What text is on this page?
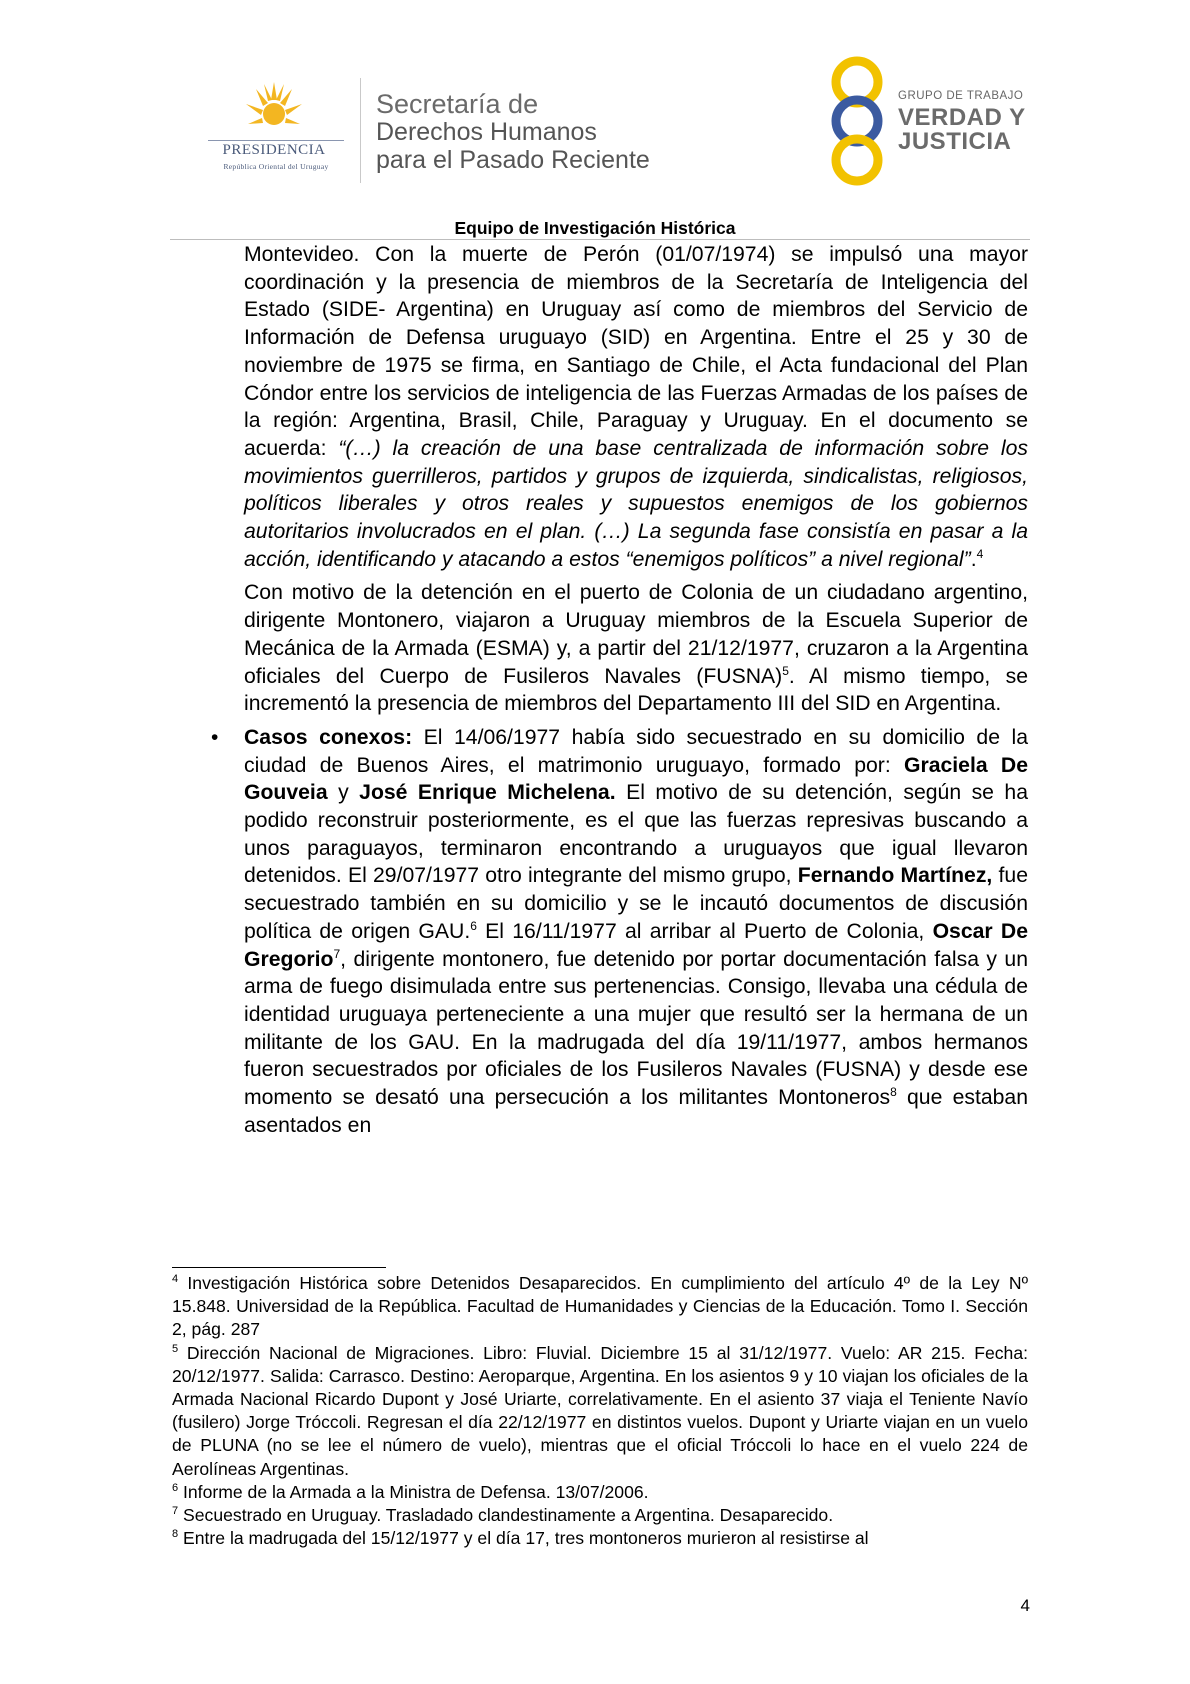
PRESIDENCIA
República Oriental del Uruguay
Secretaría de
Derechos Humanos
para el Pasado Reciente
GRUPO DE TRABAJO
VERDAD Y
JUSTICIA
Equipo de Investigación Histórica

Montevideo. Con la muerte de Perón (01/07/1974) se impulsó una mayor coordinación y la presencia de miembros de la Secretaría de Inteligencia del Estado (SIDE- Argentina) en Uruguay así como de miembros del Servicio de Información de Defensa uruguayo (SID) en Argentina. Entre el 25 y 30 de noviembre de 1975 se firma, en Santiago de Chile, el Acta fundacional del Plan Cóndor entre los servicios de inteligencia de las Fuerzas Armadas de los países de la región: Argentina, Brasil, Chile, Paraguay y Uruguay. En el documento se acuerda: “(…) la creación de una base centralizada de información sobre los movimientos guerrilleros, partidos y grupos de izquierda, sindicalistas, religiosos, políticos liberales y otros reales y supuestos enemigos de los gobiernos autoritarios involucrados en el plan. (…) La segunda fase consistía en pasar a la acción, identificando y atacando a estos “enemigos políticos” a nivel regional”.$^4$

Con motivo de la detención en el puerto de Colonia de un ciudadano argentino, dirigente Montonero, viajaron a Uruguay miembros de la Escuela Superior de Mecánica de la Armada (ESMA) y, a partir del 21/12/1977, cruzaron a la Argentina oficiales del Cuerpo de Fusileros Navales (FUSNA)$^5$. Al mismo tiempo, se incrementó la presencia de miembros del Departamento III del SID en Argentina.

• Casos conexos: El 14/06/1977 había sido secuestrado en su domicilio de la ciudad de Buenos Aires, el matrimonio uruguayo, formado por: Graciela De Gouveia y José Enrique Michelena. El motivo de su detención, según se ha podido reconstruir posteriormente, es el que las fuerzas represivas buscando a unos paraguayos, terminaron encontrando a uruguayos que igual llevaron detenidos. El 29/07/1977 otro integrante del mismo grupo, Fernando Martínez, fue secuestrado también en su domicilio y se le incautó documentos de discusión política de origen GAU.$^6$ El 16/11/1977 al arribar al Puerto de Colonia, Oscar De Gregorio$^7$, dirigente montonero, fue detenido por portar documentación falsa y un arma de fuego disimulada entre sus pertenencias. Consigo, llevaba una cédula de identidad uruguaya perteneciente a una mujer que resultó ser la hermana de un militante de los GAU. En la madrugada del día 19/11/1977, ambos hermanos fueron secuestrados por oficiales de los Fusileros Navales (FUSNA) y desde ese momento se desató una persecución a los militantes Montoneros$^8$ que estaban asentados en

$^4$ Investigación Histórica sobre Detenidos Desaparecidos. En cumplimiento del artículo 4º de la Ley Nº 15.848. Universidad de la República. Facultad de Humanidades y Ciencias de la Educación. Tomo I. Sección 2, pág. 287

$^5$ Dirección Nacional de Migraciones. Libro: Fluvial. Diciembre 15 al 31/12/1977. Vuelo: AR 215. Fecha: 20/12/1977. Salida: Carrasco. Destino: Aeroparque, Argentina. En los asientos 9 y 10 viajan los oficiales de la Armada Nacional Ricardo Dupont y José Uriarte, correlativamente. En el asiento 37 viaja el Teniente Navío (fusilero) Jorge Tróccoli. Regresan el día 22/12/1977 en distintos vuelos. Dupont y Uriarte viajan en un vuelo de PLUNA (no se lee el número de vuelo), mientras que el oficial Tróccoli lo hace en el vuelo 224 de Aerolíneas Argentinas.

$^6$ Informe de la Armada a la Ministra de Defensa. 13/07/2006.

$^7$ Secuestrado en Uruguay. Trasladado clandestinamente a Argentina. Desaparecido.

$^8$ Entre la madrugada del 15/12/1977 y el día 17, tres montoneros murieron al resistirse al

4
